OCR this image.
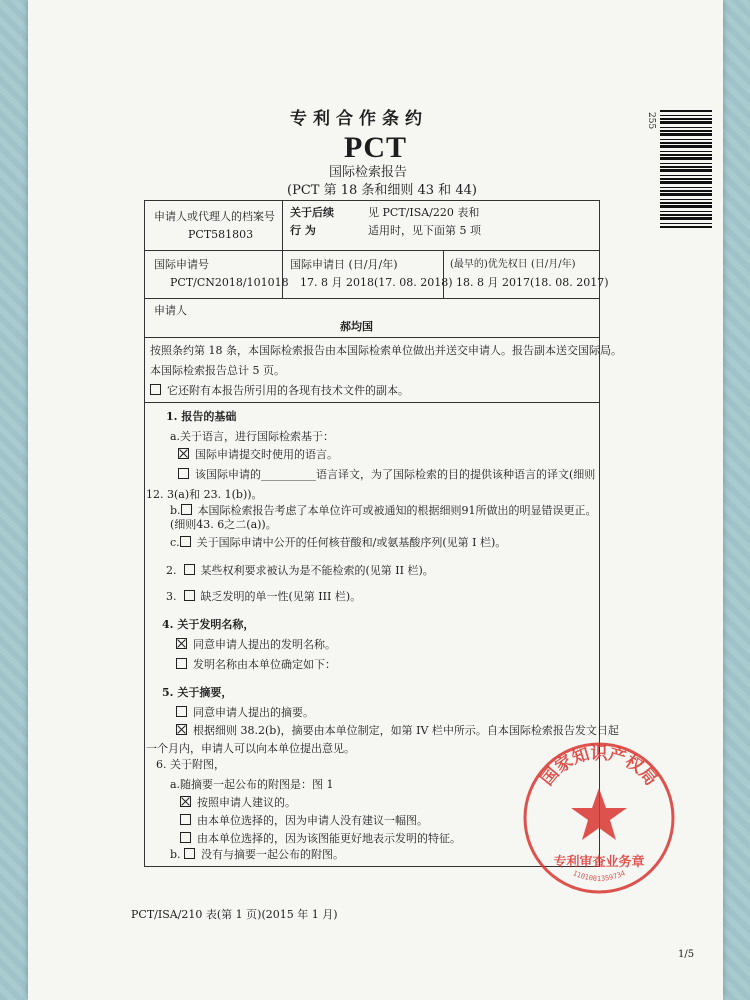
专利合作条约
PCT
国际检索报告
(PCT 第 18 条和细则 43 和 44)
255
申请人或代理人的档案号
PCT581803
关于后续
行 为
见 PCT/ISA/220 表和
适用时，见下面第 5 项
国际申请号
PCT/CN2018/101018
国际申请日 (日/月/年)
17. 8 月 2018(17. 08. 2018)
(最早的)优先权日 (日/月/年)
18. 8 月 2017(18. 08. 2017)
申请人
郝均国
按照条约第 18 条，本国际检索报告由本国际检索单位做出并送交申请人。报告副本送交国际局。
本国际检索报告总计 5 页。
它还附有本报告所引用的各现有技术文件的副本。
1. 报告的基础
a.关于语言，进行国际检索基于：
国际申请提交时使用的语言。
该国际申请的__________语言译文，为了国际检索的目的提供该种语言的译文(细则
12. 3(a)和 23. 1(b))。
b. 本国际检索报告考虑了本单位许可或被通知的根据细则91所做出的明显错误更正。
(细则43. 6之二(a))。
c. 关于国际申请中公开的任何核苷酸和/或氨基酸序列(见第 I 栏)。
2. 某些权利要求被认为是不能检索的(见第 II 栏)。
3. 缺乏发明的单一性(见第 III 栏)。
4. 关于发明名称，
同意申请人提出的发明名称。
发明名称由本单位确定如下：
5. 关于摘要，
同意申请人提出的摘要。
根据细则 38.2(b)，摘要由本单位制定，如第 IV 栏中所示。自本国际检索报告发文日起
一个月内，申请人可以向本单位提出意见。
6. 关于附图，
a.随摘要一起公布的附图是：图 1
按照申请人建议的。
由本单位选择的，因为申请人没有建议一幅图。
由本单位选择的，因为该图能更好地表示发明的特征。
b. 没有与摘要一起公布的附图。
PCT/ISA/210 表(第 1 页)(2015 年 1 月)
1/5
国家知识产权局
专利审查业务章
1101081359734
